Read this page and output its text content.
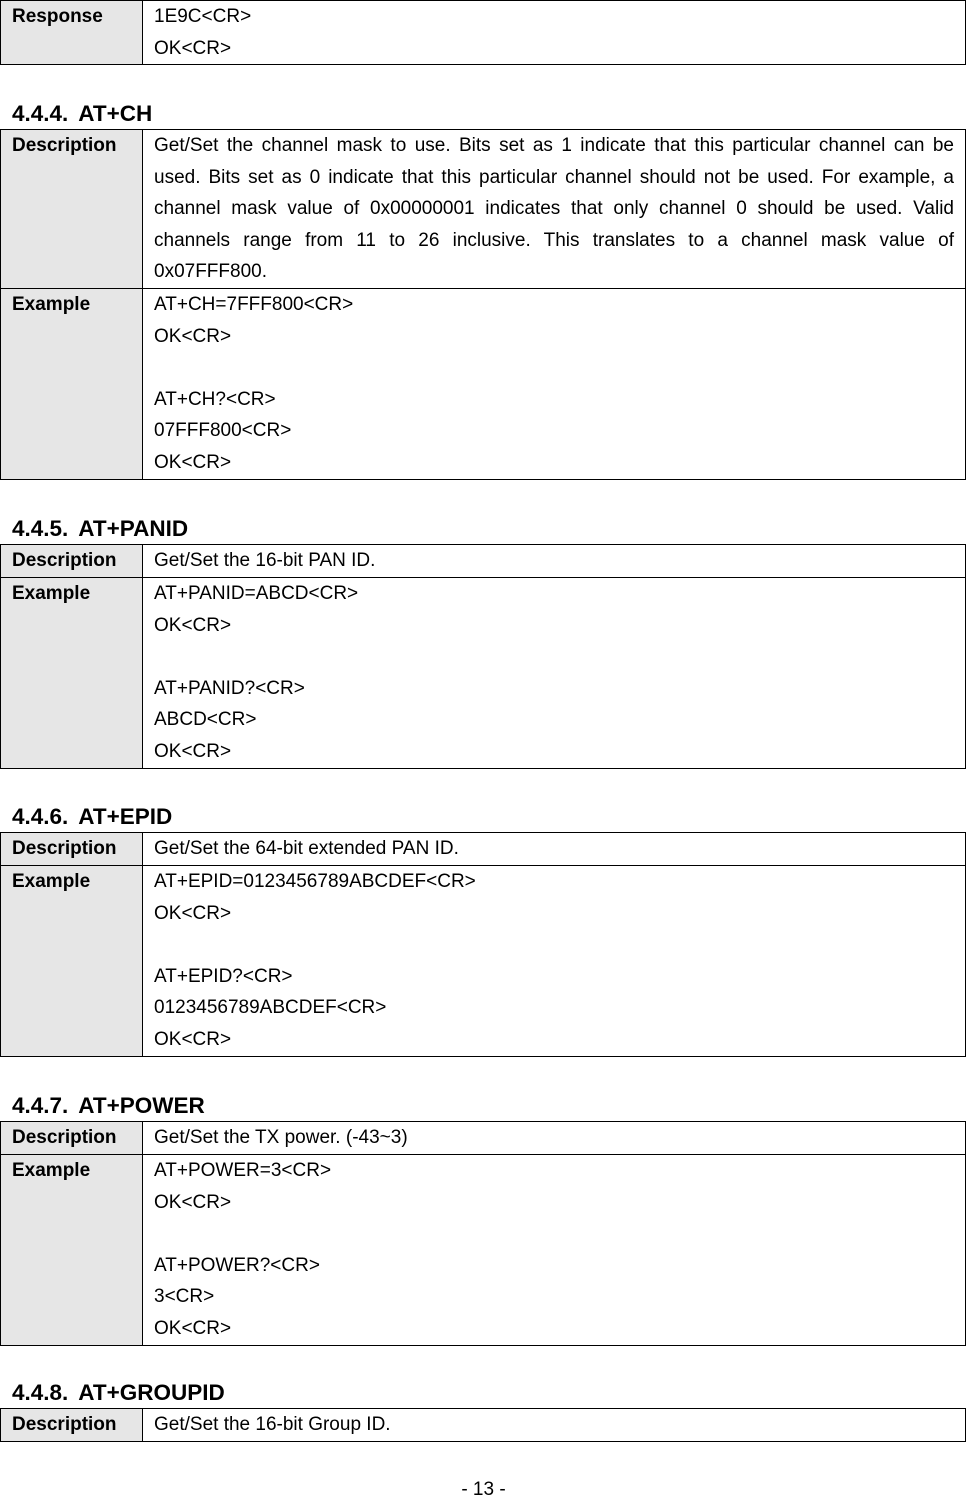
Response	1E9C<CR>
OK<CR>
4.4.4. AT+CH
Description	Get/Set the channel mask to use. Bits set as 1 indicate that this particular channel can be used. Bits set as 0 indicate that this particular channel should not be used. For example, a channel mask value of 0x00000001 indicates that only channel 0 should be used. Valid channels range from 11 to 26 inclusive. This translates to a channel mask value of 0x07FFF800.

Example	AT+CH=7FFF800<CR>
OK<CR>
AT+CH?<CR>
07FFF800<CR>
OK<CR>
4.4.5. AT+PANID
Description	Get/Set the 16-bit PAN ID.

Example	AT+PANID=ABCD<CR>
OK<CR>
AT+PANID?<CR>
ABCD<CR>
OK<CR>
4.4.6. AT+EPID
Description	Get/Set the 64-bit extended PAN ID.

Example	AT+EPID=0123456789ABCDEF<CR>
OK<CR>
AT+EPID?<CR>
0123456789ABCDEF<CR>
OK<CR>
4.4.7. AT+POWER
Description	Get/Set the TX power. (-43~3)

Example	AT+POWER=3<CR>
OK<CR>
AT+POWER?<CR>
3<CR>
OK<CR>
4.4.8. AT+GROUPID
Description	Get/Set the 16-bit Group ID.
- 13 -
